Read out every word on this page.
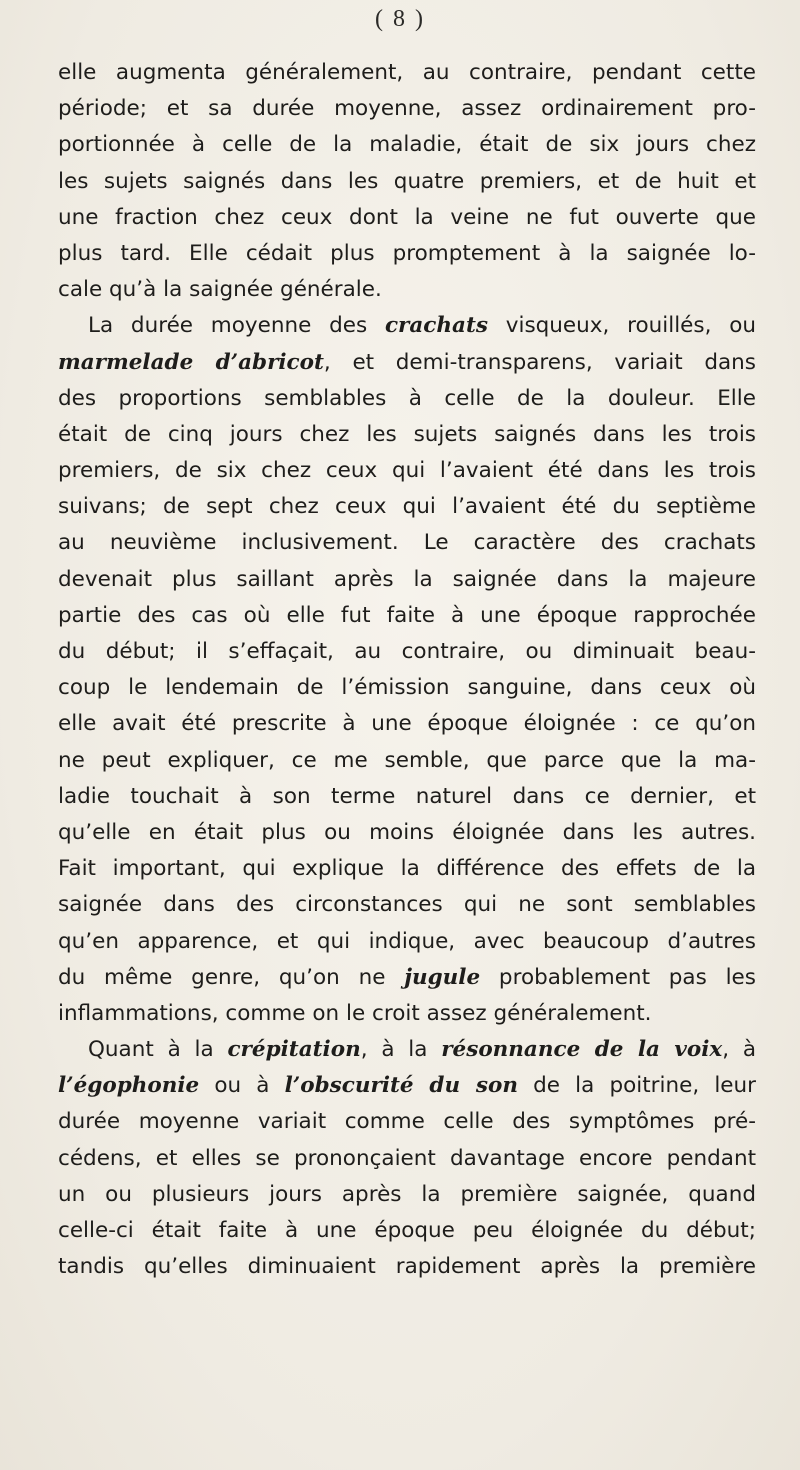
( 8 )
elle augmenta généralement, au contraire, pendant cette
période; et sa durée moyenne, assez ordinairement pro-
portionnée à celle de la maladie, était de six jours chez
les sujets saignés dans les quatre premiers, et de huit et
une fraction chez ceux dont la veine ne fut ouverte que
plus tard. Elle cédait plus promptement à la saignée lo-
cale qu’à la saignée générale.
La durée moyenne des crachats visqueux, rouillés, ou
marmelade d’abricot, et demi-transparens, variait dans
des proportions semblables à celle de la douleur. Elle
était de cinq jours chez les sujets saignés dans les trois
premiers, de six chez ceux qui l’avaient été dans les trois
suivans; de sept chez ceux qui l’avaient été du septième
au neuvième inclusivement. Le caractère des crachats
devenait plus saillant après la saignée dans la majeure
partie des cas où elle fut faite à une époque rapprochée
du début; il s’effaçait, au contraire, ou diminuait beau-
coup le lendemain de l’émission sanguine, dans ceux où
elle avait été prescrite à une époque éloignée : ce qu’on
ne peut expliquer, ce me semble, que parce que la ma-
ladie touchait à son terme naturel dans ce dernier, et
qu’elle en était plus ou moins éloignée dans les autres.
Fait important, qui explique la différence des effets de la
saignée dans des circonstances qui ne sont semblables
qu’en apparence, et qui indique, avec beaucoup d’autres
du même genre, qu’on ne jugule probablement pas les
inflammations, comme on le croit assez généralement.
Quant à la crépitation, à la résonnance de la voix, à
l’égophonie ou à l’obscurité du son de la poitrine, leur
durée moyenne variait comme celle des symptômes pré-
cédens, et elles se prononçaient davantage encore pendant
un ou plusieurs jours après la première saignée, quand
celle-ci était faite à une époque peu éloignée du début;
tandis qu’elles diminuaient rapidement après la première
